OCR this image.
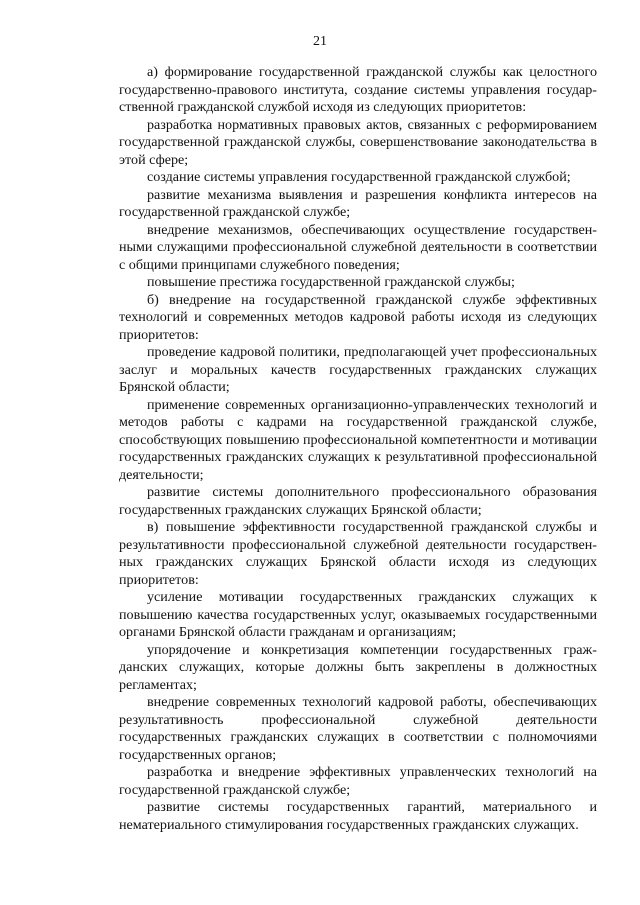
21

а) формирование государственной гражданской службы как целостного государственно-правового института, создание системы управления государственной гражданской службой исходя из следующих приоритетов:

разработка нормативных правовых актов, связанных с реформированием государственной гражданской службы, совершенствование законодательства в этой сфере;

создание системы управления государственной гражданской службой;

развитие механизма выявления и разрешения конфликта интересов на государственной гражданской службе;

внедрение механизмов, обеспечивающих осуществление государственными служащими профессиональной служебной деятельности в соответствии с общими принципами служебного поведения;

повышение престижа государственной гражданской службы;

б) внедрение на государственной гражданской службе эффективных технологий и современных методов кадровой работы исходя из следующих приоритетов:

проведение кадровой политики, предполагающей учет профессиональных заслуг и моральных качеств государственных гражданских служащих Брянской области;

применение современных организационно-управленческих технологий и методов работы с кадрами на государственной гражданской службе, способствующих повышению профессиональной компетентности и мотивации государственных гражданских служащих к результативной профессиональной деятельности;

развитие системы дополнительного профессионального образования государственных гражданских служащих Брянской области;

в) повышение эффективности государственной гражданской службы и результативности профессиональной служебной деятельности государственных гражданских служащих Брянской области исходя из следующих приоритетов:

усиление мотивации государственных гражданских служащих к повышению качества государственных услуг, оказываемых государственными органами Брянской области гражданам и организациям;

упорядочение и конкретизация компетенции государственных гражданских служащих, которые должны быть закреплены в должностных регламентах;

внедрение современных технологий кадровой работы, обеспечивающих результативность профессиональной служебной деятельности государственных гражданских служащих в соответствии с полномочиями государственных органов;

разработка и внедрение эффективных управленческих технологий на государственной гражданской службе;

развитие системы государственных гарантий, материального и нематериального стимулирования государственных гражданских служащих.
